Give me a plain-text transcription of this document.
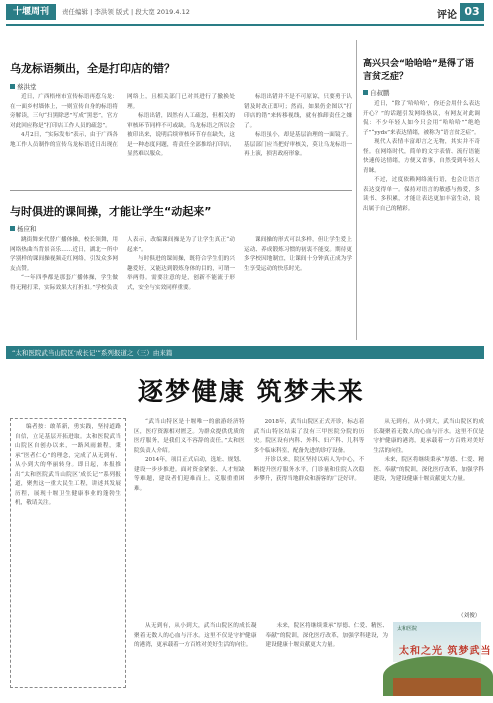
十堰周刊	责任编辑 | 李洪领 版式 | 段大宽 2019.4.12	评论 03
乌龙标语频出，全是打印店的错？
蔡洪堂

近日，广西梧州市宣传标语再惹乌龙：在一面乡村墙体上，一则宣传自身的标语将旁解读，三句“扫黑除恶”写成“黑恶”，官方对此回应称是“打印店工作人员的疏忽”。

4月2日，“实际发布”表示，由于广西各地工作人员制作的宣传乌龙标语近日出现在网络上，且相关部门已对其进行了撤换处理。

标语出错，固然有人工疏忽，但相关的审核环节同样不可或缺。乌龙标语之所以会被印出来，说明后续审核环节存在缺失，这是一种态度问题，将责任全部推给打印店，显然难以服众。

标语出错并不是不可原谅，只要勇于认错及时改正即可；然而，如果仍企图以“打印店的错”来转移视线，就有推卸责任之嫌了。

标语虽小，却是基层治理的一面镜子。基层部门应当把好审核关，莫让乌龙标语一再上演，损害政府形象。

与时俱进的课间操，才能让学生“动起来”
杨应和

跳街舞来代替广播体操，校长领舞，用网络热曲当背景音乐……近日，湖北一所中学别样的课间操视频走红网络，引发众多网友点赞。

“一年四季都是那套广播体操，学生做得无精打采，实际效果大打折扣。”学校负责人表示，改编课间操是为了让学生真正“动起来”。

与时俱进的课间操，既符合学生们的兴趣爱好，又能达到锻炼身体的目的，可谓一举两得。需要注意的是，创新不能流于形式，安全与实效同样重要。

课间操的形式可以多样，但让学生爱上运动、养成锻炼习惯的初衷不能变。期待更多学校因地制宜，让课间十分钟真正成为学生享受运动的快乐时光。

高兴只会“哈哈哈”是得了语言贫乏症？
自叔鹏

近日，“除了‘哈哈哈’，你还会用什么表达开心？”的话题引发网络热议，有网友对此调侃：不少年轻人如今只会用“哈哈哈”“绝绝子”“yyds”来表达情绪，被称为“语言贫乏症”。

现代人表情丰富却言之无物，其实并不奇怪。在网络时代，简单的文字表情、流行语能快速传达情绪，方便又省事，自然受到年轻人青睐。

不过，过度依赖网络流行语，也会让语言表达变得单一。保持对语言的敏感与热爱，多读书、多积累，才能让表达更加丰富生动，说出属于自己的精彩。

“太和医院武当山院区‘成长记’”系列报道之（三）由来篇
逐梦健康 筑梦未来
编者按：敢革新，勇实践，坚持道路自信，立足基层开拓进取。太和医院武当山院区自创办以来，一路风雨兼程，秉承“医者仁心”的理念，完成了从无到有、从小到大的华丽转身。即日起，本报推出“太和医院武当山院区‘成长记’”系列报道，聚焦这一重大民生工程，讲述其发展历程，展现十堰卫生健康事业的蓬勃生机，敬请关注。

“武当山特区是十堰唯一的旅游经济特区，医疗资源相对匮乏。为群众提供优质的医疗服务，是我们义不容辞的责任。”太和医院负责人介绍。

2014年，项目正式启动，选址、规划、建设一步步推进。面对资金紧张、人才短缺等难题，建设者们迎难而上，克服重重困难。

2018年，武当山院区正式开诊，标志着武当山特区结束了没有三甲医院分院的历史。院区设有内科、外科、妇产科、儿科等多个临床科室，配备先进的诊疗设备。

开诊以来，院区坚持以病人为中心，不断提升医疗服务水平，门诊量和住院人次稳步攀升，获得当地群众和游客的广泛好评。

从无到有，从小到大，武当山院区的成长凝聚着无数人的心血与汗水。这里不仅是守护健康的港湾，更承载着一方百姓对美好生活的向往。

未来，院区将继续秉承“厚德、仁爱、精医、奉献”的院训，深化医疗改革，加强学科建设，为建设健康十堰贡献更大力量。

（刘俊）

从无到有，从小到大，武当山院区的成长凝聚着无数人的心血与汗水。这里不仅是守护健康的港湾，更承载着一方百姓对美好生活的向往。

未来，院区将继续秉承“厚德、仁爱、精医、奉献”的院训，深化医疗改革，加强学科建设，为建设健康十堰贡献更大力量。

太和医院
太和之光 筑梦武当
